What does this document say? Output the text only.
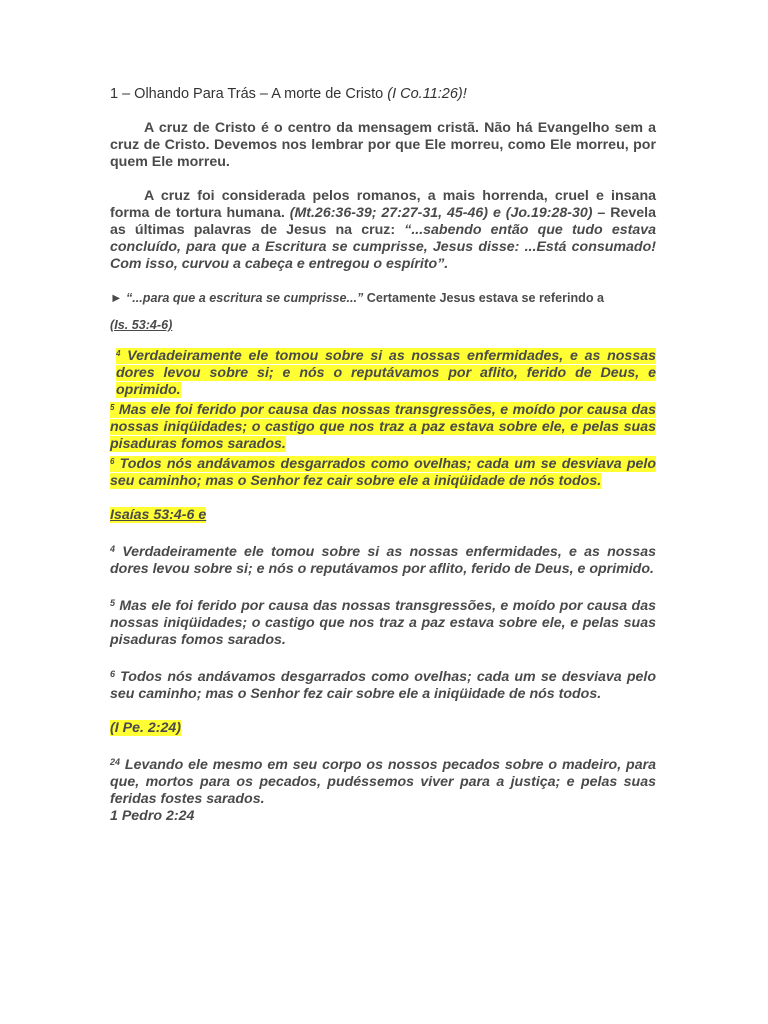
1 – Olhando Para Trás – A morte de Cristo (I Co.11:26)!

A cruz de Cristo é o centro da mensagem cristã. Não há Evangelho sem a cruz de Cristo. Devemos nos lembrar por que Ele morreu, como Ele morreu, por quem Ele morreu.

A cruz foi considerada pelos romanos, a mais horrenda, cruel e insana forma de tortura humana. (Mt.26:36-39; 27:27-31, 45-46) e (Jo.19:28-30) – Revela as últimas palavras de Jesus na cruz: “...sabendo então que tudo estava concluído, para que a Escritura se cumprisse, Jesus disse: ...Está consumado! Com isso, curvou a cabeça e entregou o espírito”.

► “...para que a escritura se cumprisse...” Certamente Jesus estava se referindo a

(Is. 53:4-6)

$^4$ Verdadeiramente ele tomou sobre si as nossas enfermidades, e as nossas dores levou sobre si; e nós o reputávamos por aflito, ferido de Deus, e oprimido.

$^5$ Mas ele foi ferido por causa das nossas transgressões, e moído por causa das nossas iniqüidades; o castigo que nos traz a paz estava sobre ele, e pelas suas pisaduras fomos sarados.

$^6$ Todos nós andávamos desgarrados como ovelhas; cada um se desviava pelo seu caminho; mas o Senhor fez cair sobre ele a iniqüidade de nós todos.

Isaías 53:4-6 e

$^4$ Verdadeiramente ele tomou sobre si as nossas enfermidades, e as nossas dores levou sobre si; e nós o reputávamos por aflito, ferido de Deus, e oprimido.

$^5$ Mas ele foi ferido por causa das nossas transgressões, e moído por causa das nossas iniqüidades; o castigo que nos traz a paz estava sobre ele, e pelas suas pisaduras fomos sarados.

$^6$ Todos nós andávamos desgarrados como ovelhas; cada um se desviava pelo seu caminho; mas o Senhor fez cair sobre ele a iniqüidade de nós todos.

(I Pe. 2:24)

$^{24}$ Levando ele mesmo em seu corpo os nossos pecados sobre o madeiro, para que, mortos para os pecados, pudéssemos viver para a justiça; e pelas suas feridas fostes sarados.

1 Pedro 2:24
